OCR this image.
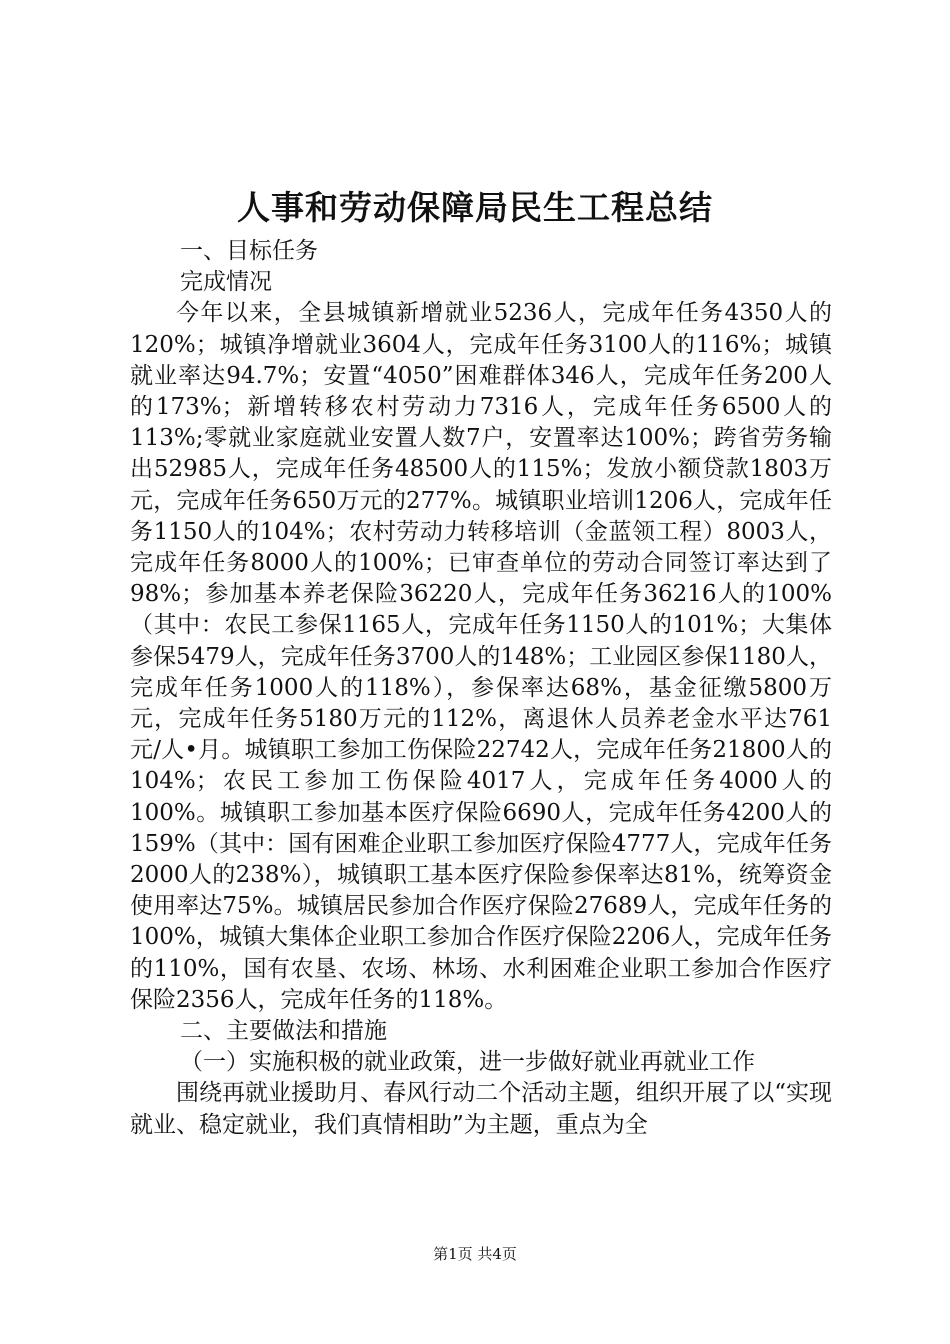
人事和劳动保障局民生工程总结

一、目标任务

完成情况

今年以来，全县城镇新增就业5236人，完成年任务4350人的120%；城镇净增就业3604人，完成年任务3100人的116%；城镇就业率达94.7%；安置“4050”困难群体346人，完成年任务200人的173%；新增转移农村劳动力7316人，完成年任务6500人的113%;零就业家庭就业安置人数7户，安置率达100%；跨省劳务输出52985人，完成年任务48500人的115%；发放小额贷款1803万元，完成年任务650万元的277%。城镇职业培训1206人，完成年任务1150人的104%；农村劳动力转移培训（金蓝领工程）8003人，完成年任务8000人的100%；已审查单位的劳动合同签订率达到了98%；参加基本养老保险36220人，完成年任务36216人的100%（其中：农民工参保1165人，完成年任务1150人的101%；大集体参保5479人，完成年任务3700人的148%；工业园区参保1180人，完成年任务1000人的118%），参保率达68%，基金征缴5800万元，完成年任务5180万元的112%，离退休人员养老金水平达761元/人•月。城镇职工参加工伤保险22742人，完成年任务21800人的104%；农民工参加工伤保险4017人，完成年任务4000人的100%。城镇职工参加基本医疗保险6690人，完成年任务4200人的159%（其中：国有困难企业职工参加医疗保险4777人，完成年任务2000人的238%），城镇职工基本医疗保险参保率达81%，统筹资金使用率达75%。城镇居民参加合作医疗保险27689人，完成年任务的100%，城镇大集体企业职工参加合作医疗保险2206人，完成年任务的110%，国有农垦、农场、林场、水利困难企业职工参加合作医疗保险2356人，完成年任务的118%。

二、主要做法和措施

（一）实施积极的就业政策，进一步做好就业再就业工作

围绕再就业援助月、春风行动二个活动主题，组织开展了以“实现就业、稳定就业，我们真情相助”为主题，重点为全

第1页 共4页
